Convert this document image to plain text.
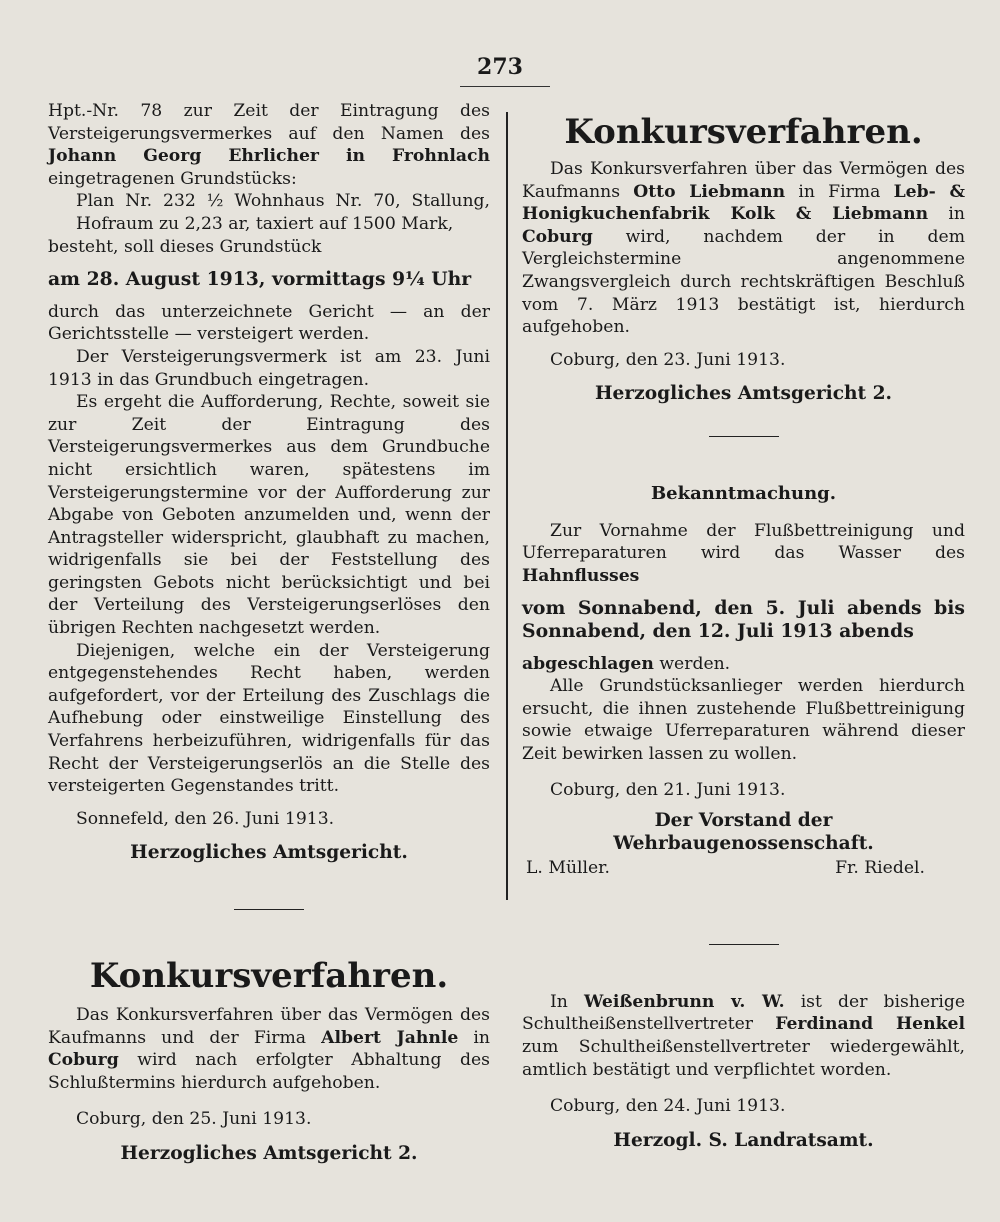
273

Hpt.-Nr. 78 zur Zeit der Eintragung des Versteigerungsvermerkes auf den Namen des Johann Georg Ehrlicher in Frohnlach eingetragenen Grundstücks:

Plan Nr. 232 ½ Wohnhaus Nr. 70, Stallung, Hofraum zu 2,23 ar, taxiert auf 1500 Mark,

besteht, soll dieses Grundstück

am 28. August 1913, vormittags 9¼ Uhr

durch das unterzeichnete Gericht — an der Gerichtsstelle — versteigert werden.

Der Versteigerungsvermerk ist am 23. Juni 1913 in das Grundbuch eingetragen.

Es ergeht die Aufforderung, Rechte, soweit sie zur Zeit der Eintragung des Versteigerungsvermerkes aus dem Grundbuche nicht ersichtlich waren, spätestens im Versteigerungstermine vor der Aufforderung zur Abgabe von Geboten anzumelden und, wenn der Antragsteller widerspricht, glaubhaft zu machen, widrigenfalls sie bei der Feststellung des geringsten Gebots nicht berücksichtigt und bei der Verteilung des Versteigerungserlöses den übrigen Rechten nachgesetzt werden.

Diejenigen, welche ein der Versteigerung entgegenstehendes Recht haben, werden aufgefordert, vor der Erteilung des Zuschlags die Aufhebung oder einstweilige Einstellung des Verfahrens herbeizuführen, widrigenfalls für das Recht der Versteigerungserlös an die Stelle des versteigerten Gegenstandes tritt.

Sonnefeld, den 26. Juni 1913.

Herzogliches Amtsgericht.

Konkursverfahren.

Das Konkursverfahren über das Vermögen des Kaufmanns und der Firma Albert Jahnle in Coburg wird nach erfolgter Abhaltung des Schlußtermins hierdurch aufgehoben.

Coburg, den 25. Juni 1913.

Herzogliches Amtsgericht 2.

Konkursverfahren.

Das Konkursverfahren über das Vermögen des Kaufmanns Otto Liebmann in Firma Leb- & Honigkuchenfabrik Kolk & Liebmann in Coburg wird, nachdem der in dem Vergleichstermine angenommene Zwangsvergleich durch rechtskräftigen Beschluß vom 7. März 1913 bestätigt ist, hierdurch aufgehoben.

Coburg, den 23. Juni 1913.

Herzogliches Amtsgericht 2.

Bekanntmachung.

Zur Vornahme der Flußbettreinigung und Uferreparaturen wird das Wasser des Hahnflusses

vom Sonnabend, den 5. Juli abends bis Sonnabend, den 12. Juli 1913 abends

abgeschlagen werden.

Alle Grundstücksanlieger werden hierdurch ersucht, die ihnen zustehende Flußbettreinigung sowie etwaige Uferreparaturen während dieser Zeit bewirken lassen zu wollen.

Coburg, den 21. Juni 1913.

Der Vorstand der Wehrbaugenossenschaft.

L. Müller.	Fr. Riedel.

In Weißenbrunn v. W. ist der bisherige Schultheißenstellvertreter Ferdinand Henkel zum Schultheißenstellvertreter wiedergewählt, amtlich bestätigt und verpflichtet worden.

Coburg, den 24. Juni 1913.

Herzogl. S. Landratsamt.
